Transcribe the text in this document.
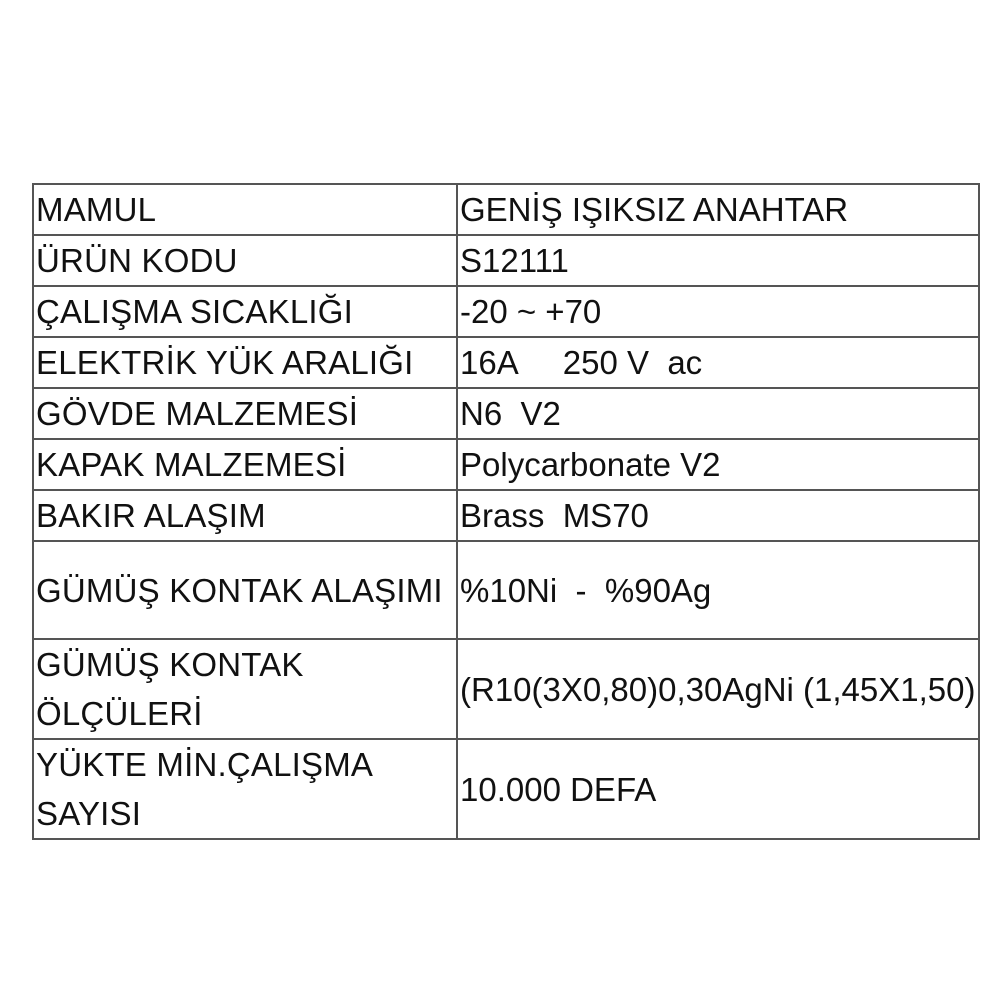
MAMUL	GENİŞ IŞIKSIZ ANAHTAR
ÜRÜN KODU	S12111
ÇALIŞMA SICAKLIĞI	-20 ~ +70
ELEKTRİK YÜK ARALIĞI	16A     250 V  ac
GÖVDE MALZEMESİ	N6  V2
KAPAK MALZEMESİ	Polycarbonate V2
BAKIR ALAŞIM	Brass  MS70
GÜMÜŞ KONTAK ALAŞIMI	%10Ni  -  %90Ag
GÜMÜŞ KONTAK ÖLÇÜLERİ	(R10(3X0,80)0,30AgNi (1,45X1,50)
YÜKTE MİN.ÇALIŞMA SAYISI	10.000 DEFA
